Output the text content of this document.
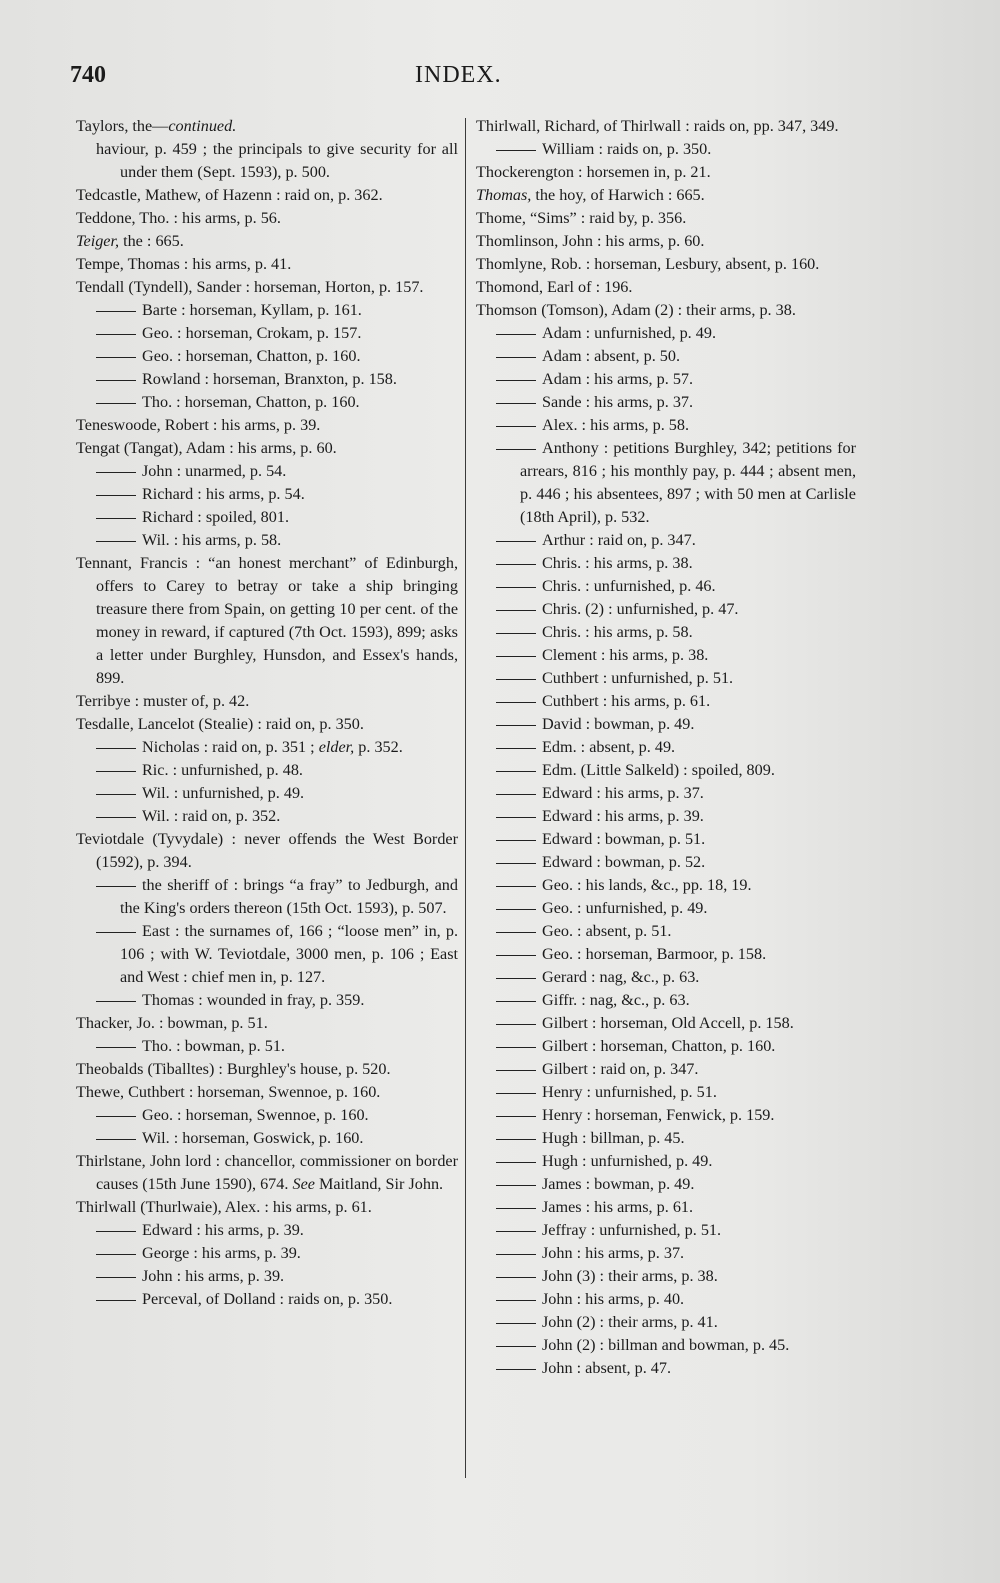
740	INDEX.
Taylors, the—continued.
haviour, p. 459 ; the principals to give security for all under them (Sept. 1593), p. 500.
Tedcastle, Mathew, of Hazenn : raid on, p. 362.
Teddone, Tho. : his arms, p. 56.
Teiger, the : 665.
Tempe, Thomas : his arms, p. 41.
Tendall (Tyndell), Sander : horseman, Horton, p. 157.
Barte : horseman, Kyllam, p. 161.
Geo. : horseman, Crokam, p. 157.
Geo. : horseman, Chatton, p. 160.
Rowland : horseman, Branxton, p. 158.
Tho. : horseman, Chatton, p. 160.
Teneswoode, Robert : his arms, p. 39.
Tengat (Tangat), Adam : his arms, p. 60.
John : unarmed, p. 54.
Richard : his arms, p. 54.
Richard : spoiled, 801.
Wil. : his arms, p. 58.
Tennant, Francis : “an honest merchant” of Edinburgh, offers to Carey to betray or take a ship bringing treasure there from Spain, on getting 10 per cent. of the money in reward, if captured (7th Oct. 1593), 899; asks a letter under Burghley, Hunsdon, and Essex's hands, 899.
Terribye : muster of, p. 42.
Tesdalle, Lancelot (Stealie) : raid on, p. 350.
Nicholas : raid on, p. 351 ; elder, p. 352.
Ric. : unfurnished, p. 48.
Wil. : unfurnished, p. 49.
Wil. : raid on, p. 352.
Teviotdale (Tyvydale) : never offends the West Border (1592), p. 394.
the sheriff of : brings “a fray” to Jedburgh, and the King's orders thereon (15th Oct. 1593), p. 507.
East : the surnames of, 166 ; “loose men” in, p. 106 ; with W. Teviotdale, 3000 men, p. 106 ; East and West : chief men in, p. 127.
Thomas : wounded in fray, p. 359.
Thacker, Jo. : bowman, p. 51.
Tho. : bowman, p. 51.
Theobalds (Tiballtes) : Burghley's house, p. 520.
Thewe, Cuthbert : horseman, Swennoe, p. 160.
Geo. : horseman, Swennoe, p. 160.
Wil. : horseman, Goswick, p. 160.
Thirlstane, John lord : chancellor, commissioner on border causes (15th June 1590), 674. See Maitland, Sir John.
Thirlwall (Thurlwaie), Alex. : his arms, p. 61.
Edward : his arms, p. 39.
George : his arms, p. 39.
John : his arms, p. 39.
Perceval, of Dolland : raids on, p. 350.
Thirlwall, Richard, of Thirlwall : raids on, pp. 347, 349.
William : raids on, p. 350.
Thockerengton : horsemen in, p. 21.
Thomas, the hoy, of Harwich : 665.
Thome, “Sims” : raid by, p. 356.
Thomlinson, John : his arms, p. 60.
Thomlyne, Rob. : horseman, Lesbury, absent, p. 160.
Thomond, Earl of : 196.
Thomson (Tomson), Adam (2) : their arms, p. 38.
Adam : unfurnished, p. 49.
Adam : absent, p. 50.
Adam : his arms, p. 57.
Sande : his arms, p. 37.
Alex. : his arms, p. 58.
Anthony : petitions Burghley, 342; petitions for arrears, 816 ; his monthly pay, p. 444 ; absent men, p. 446 ; his absentees, 897 ; with 50 men at Carlisle (18th April), p. 532.
Arthur : raid on, p. 347.
Chris. : his arms, p. 38.
Chris. : unfurnished, p. 46.
Chris. (2) : unfurnished, p. 47.
Chris. : his arms, p. 58.
Clement : his arms, p. 38.
Cuthbert : unfurnished, p. 51.
Cuthbert : his arms, p. 61.
David : bowman, p. 49.
Edm. : absent, p. 49.
Edm. (Little Salkeld) : spoiled, 809.
Edward : his arms, p. 37.
Edward : his arms, p. 39.
Edward : bowman, p. 51.
Edward : bowman, p. 52.
Geo. : his lands, &c., pp. 18, 19.
Geo. : unfurnished, p. 49.
Geo. : absent, p. 51.
Geo. : horseman, Barmoor, p. 158.
Gerard : nag, &c., p. 63.
Giffr. : nag, &c., p. 63.
Gilbert : horseman, Old Accell, p. 158.
Gilbert : horseman, Chatton, p. 160.
Gilbert : raid on, p. 347.
Henry : unfurnished, p. 51.
Henry : horseman, Fenwick, p. 159.
Hugh : billman, p. 45.
Hugh : unfurnished, p. 49.
James : bowman, p. 49.
James : his arms, p. 61.
Jeffray : unfurnished, p. 51.
John : his arms, p. 37.
John (3) : their arms, p. 38.
John : his arms, p. 40.
John (2) : their arms, p. 41.
John (2) : billman and bowman, p. 45.
John : absent, p. 47.
